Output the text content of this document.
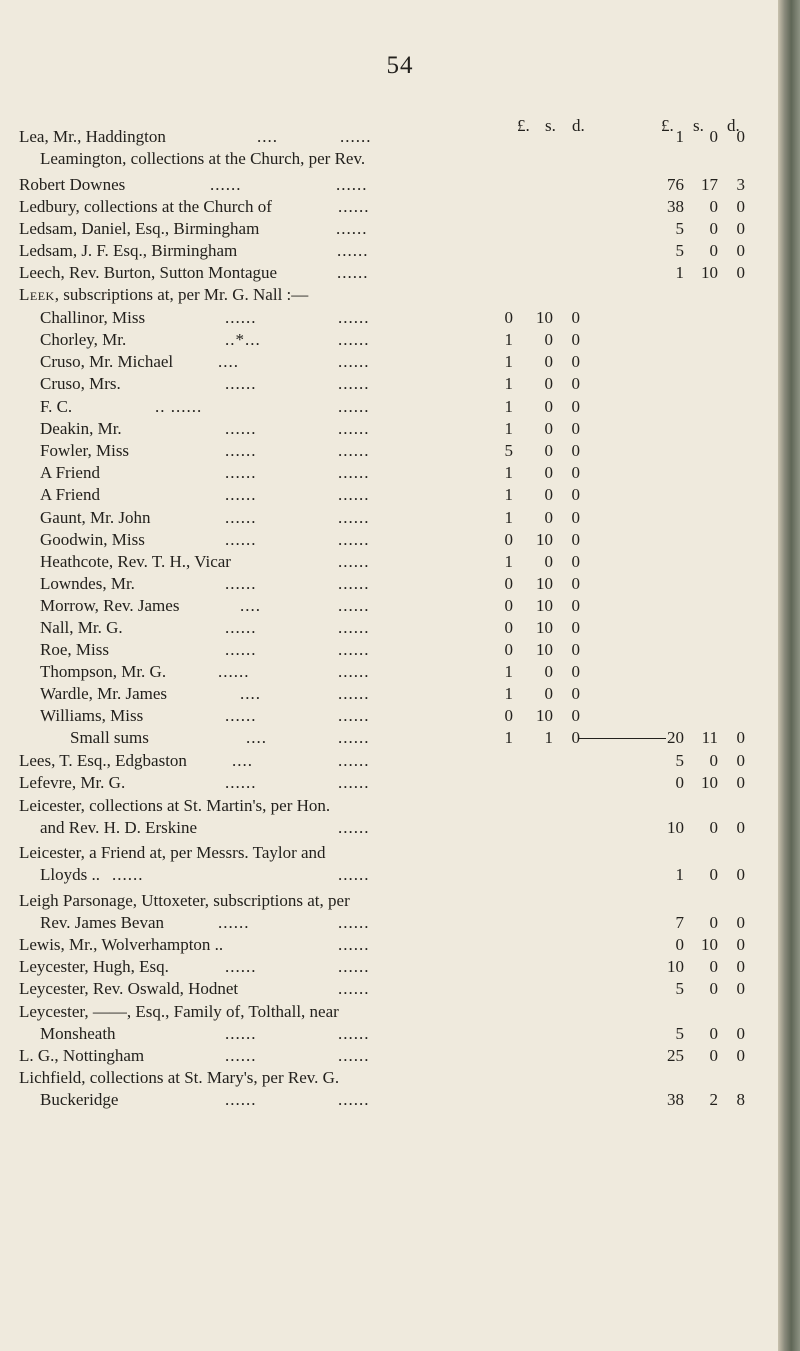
54
£. s. d.	£. s. d.
Lea, Mr., Haddington	....	......	1	0	0
Leamington, collections at the Church, per Rev.
Robert Downes	......	......	76	17	3
Ledbury, collections at the Church of	......	38	0	0
Ledsam, Daniel, Esq., Birmingham	......	5	0	0
Ledsam, J. F. Esq., Birmingham	......	5	0	0
Leech, Rev. Burton, Sutton Montague	......	1	10	0
Leek, subscriptions at, per Mr. G. Nall :—
Challinor, Miss	......	......	0	10	0
Chorley, Mr.	..*...	......	1	0	0
Cruso, Mr. Michael	....	......	1	0	0
Cruso, Mrs.	......	......	1	0	0
F. C.	.. ......	......	1	0	0
Deakin, Mr.	......	......	1	0	0
Fowler, Miss	......	......	5	0	0
A Friend	......	......	1	0	0
A Friend	......	......	1	0	0
Gaunt, Mr. John	......	......	1	0	0
Goodwin, Miss	......	......	0	10	0
Heathcote, Rev. T. H., Vicar	......	1	0	0
Lowndes, Mr.	......	......	0	10	0
Morrow, Rev. James	....	......	0	10	0
Nall, Mr. G.	......	......	0	10	0
Roe, Miss	......	......	0	10	0
Thompson, Mr. G.	......	......	1	0	0
Wardle, Mr. James	....	......	1	0	0
Williams, Miss	......	......	0	10	0
Small sums	....	......	1	1	0	20	11	0
Lees, T. Esq., Edgbaston	....	......	5	0	0
Lefevre, Mr. G.	......	......	0	10	0
Leicester, collections at St. Martin's, per Hon.
and Rev. H. D. Erskine	......	10	0	0
Leicester, a Friend at, per Messrs. Taylor and
Lloyds .. ......	......	1	0	0
Leigh Parsonage, Uttoxeter, subscriptions at, per
Rev. James Bevan	......	......	7	0	0
Lewis, Mr., Wolverhampton ..	......	0	10	0
Leycester, Hugh, Esq.	......	......	10	0	0
Leycester, Rev. Oswald, Hodnet	......	5	0	0
Leycester, ——, Esq., Family of, Tolthall, near
Monsheath	......	......	5	0	0
L. G., Nottingham	......	......	25	0	0
Lichfield, collections at St. Mary's, per Rev. G.
Buckeridge	......	......	38	2	8
